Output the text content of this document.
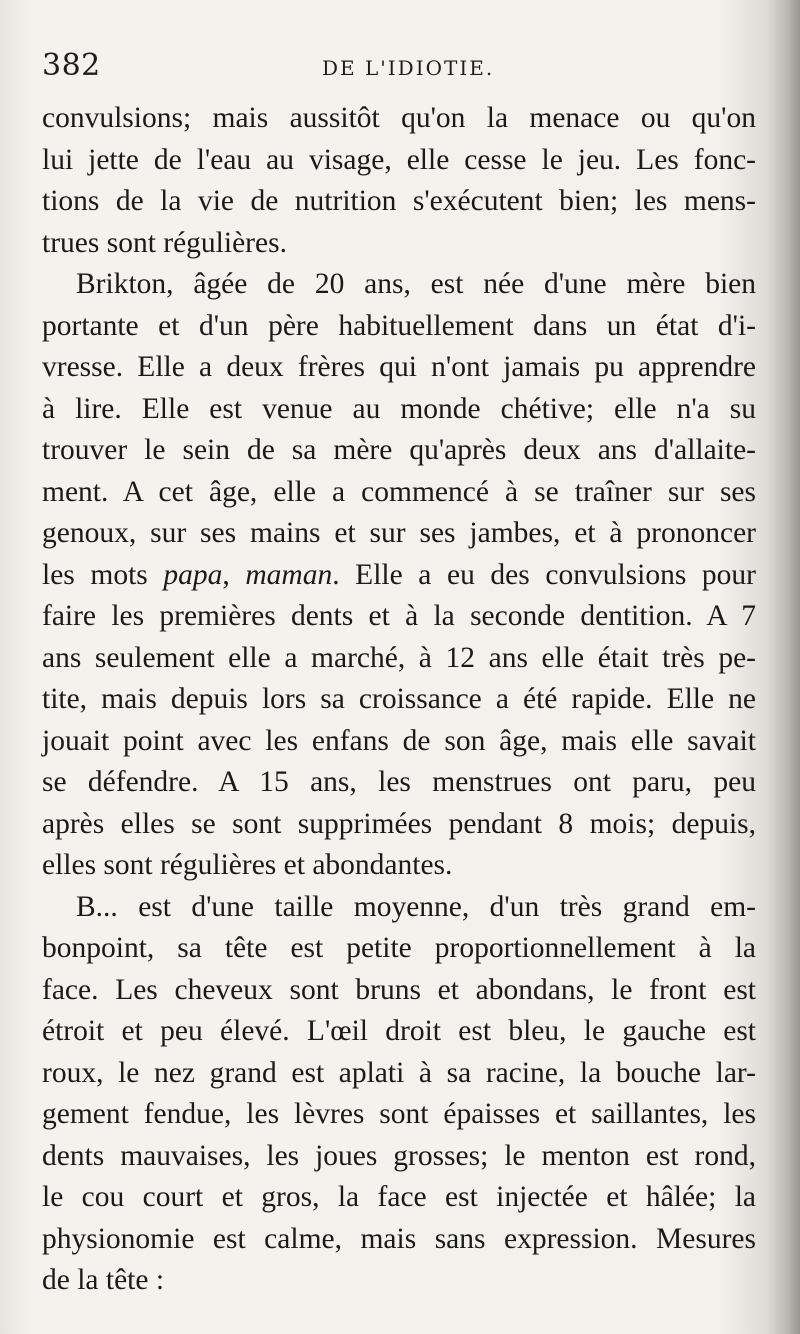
382	DE L'IDIOTIE.
convulsions; mais aussitôt qu'on la menace ou qu'on
lui jette de l'eau au visage, elle cesse le jeu. Les fonc-
tions de la vie de nutrition s'exécutent bien; les mens-
trues sont régulières.
Brikton, âgée de 20 ans, est née d'une mère bien
portante et d'un père habituellement dans un état d'i-
vresse. Elle a deux frères qui n'ont jamais pu apprendre
à lire. Elle est venue au monde chétive; elle n'a su
trouver le sein de sa mère qu'après deux ans d'allaite-
ment. A cet âge, elle a commencé à se traîner sur ses
genoux, sur ses mains et sur ses jambes, et à prononcer
les mots papa, maman. Elle a eu des convulsions pour
faire les premières dents et à la seconde dentition. A 7
ans seulement elle a marché, à 12 ans elle était très pe-
tite, mais depuis lors sa croissance a été rapide. Elle ne
jouait point avec les enfans de son âge, mais elle savait
se défendre. A 15 ans, les menstrues ont paru, peu
après elles se sont supprimées pendant 8 mois; depuis,
elles sont régulières et abondantes.
B... est d'une taille moyenne, d'un très grand em-
bonpoint, sa tête est petite proportionnellement à la
face. Les cheveux sont bruns et abondans, le front est
étroit et peu élevé. L'œil droit est bleu, le gauche est
roux, le nez grand est aplati à sa racine, la bouche lar-
gement fendue, les lèvres sont épaisses et saillantes, les
dents mauvaises, les joues grosses; le menton est rond,
le cou court et gros, la face est injectée et hâlée; la
physionomie est calme, mais sans expression. Mesures
de la tête :
